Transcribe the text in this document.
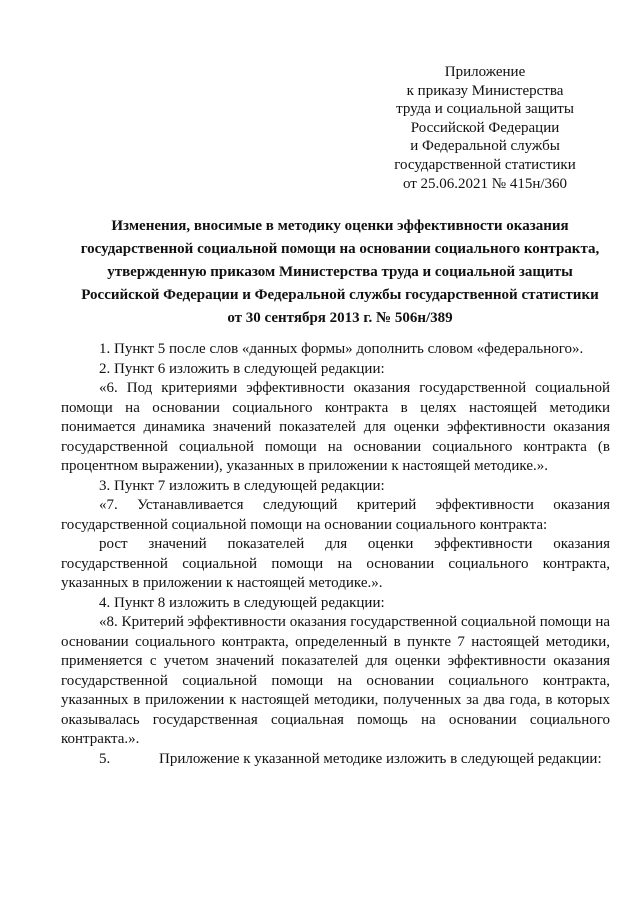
Приложение
к приказу Министерства
труда и социальной защиты
Российской Федерации
и Федеральной службы
государственной статистики
от 25.06.2021 № 415н/360
Изменения, вносимые в методику оценки эффективности оказания
государственной социальной помощи на основании социального контракта,
утвержденную приказом Министерства труда и социальной защиты
Российской Федерации и Федеральной службы государственной статистики
от 30 сентября 2013 г. № 506н/389
1. Пункт 5 после слов «данных формы» дополнить словом «федерального».
2. Пункт 6 изложить в следующей редакции:
«6. Под критериями эффективности оказания государственной социальной помощи на основании социального контракта в целях настоящей методики понимается динамика значений показателей для оценки эффективности оказания государственной социальной помощи на основании социального контракта (в процентном выражении), указанных в приложении к настоящей методике.».
3. Пункт 7 изложить в следующей редакции:
«7. Устанавливается следующий критерий эффективности оказания государственной социальной помощи на основании социального контракта:
рост значений показателей для оценки эффективности оказания государственной социальной помощи на основании социального контракта, указанных в приложении к настоящей методике.».
4. Пункт 8 изложить в следующей редакции:
«8. Критерий эффективности оказания государственной социальной помощи на основании социального контракта, определенный в пункте 7 настоящей методики, применяется с учетом значений показателей для оценки эффективности оказания государственной социальной помощи на основании социального контракта, указанных в приложении к настоящей методики, полученных за два года, в которых оказывалась государственная социальная помощь на основании социального контракта.».
5.	Приложение к указанной методике изложить в следующей редакции:
